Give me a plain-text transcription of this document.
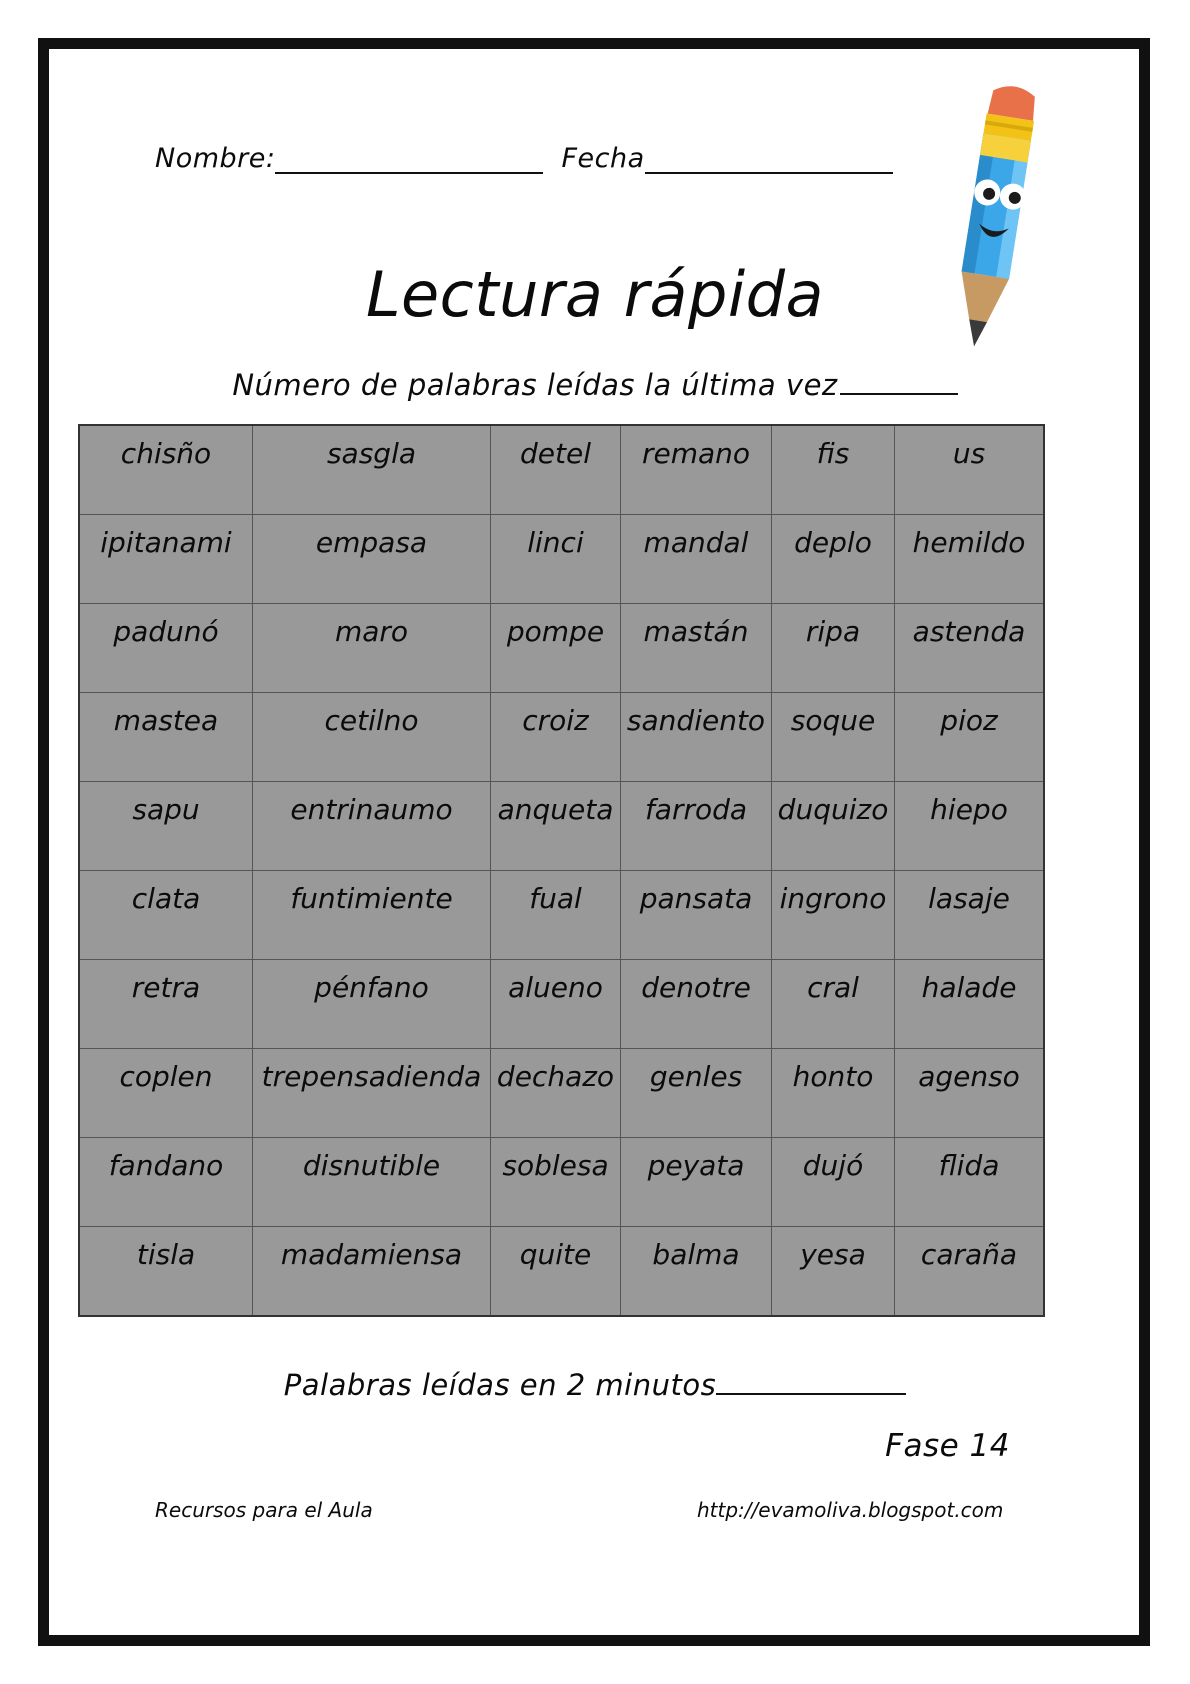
Nombre:	Fecha
Lectura rápida
Número de palabras leídas la última vez
chisño	sasgla	detel	remano	fis	us
ipitanami	empasa	linci	mandal	deplo	hemildo
padunó	maro	pompe	mastán	ripa	astenda
mastea	cetilno	croiz	sandiento	soque	pioz
sapu	entrinaumo	anqueta	farroda	duquizo	hiepo
clata	funtimiente	fual	pansata	ingrono	lasaje
retra	pénfano	alueno	denotre	cral	halade
coplen	trepensadienda	dechazo	genles	honto	agenso
fandano	disnutible	soblesa	peyata	dujó	flida
tisla	madamiensa	quite	balma	yesa	caraña
Palabras leídas en 2 minutos
Fase 14
Recursos para el Aula	http://evamoliva.blogspot.com
